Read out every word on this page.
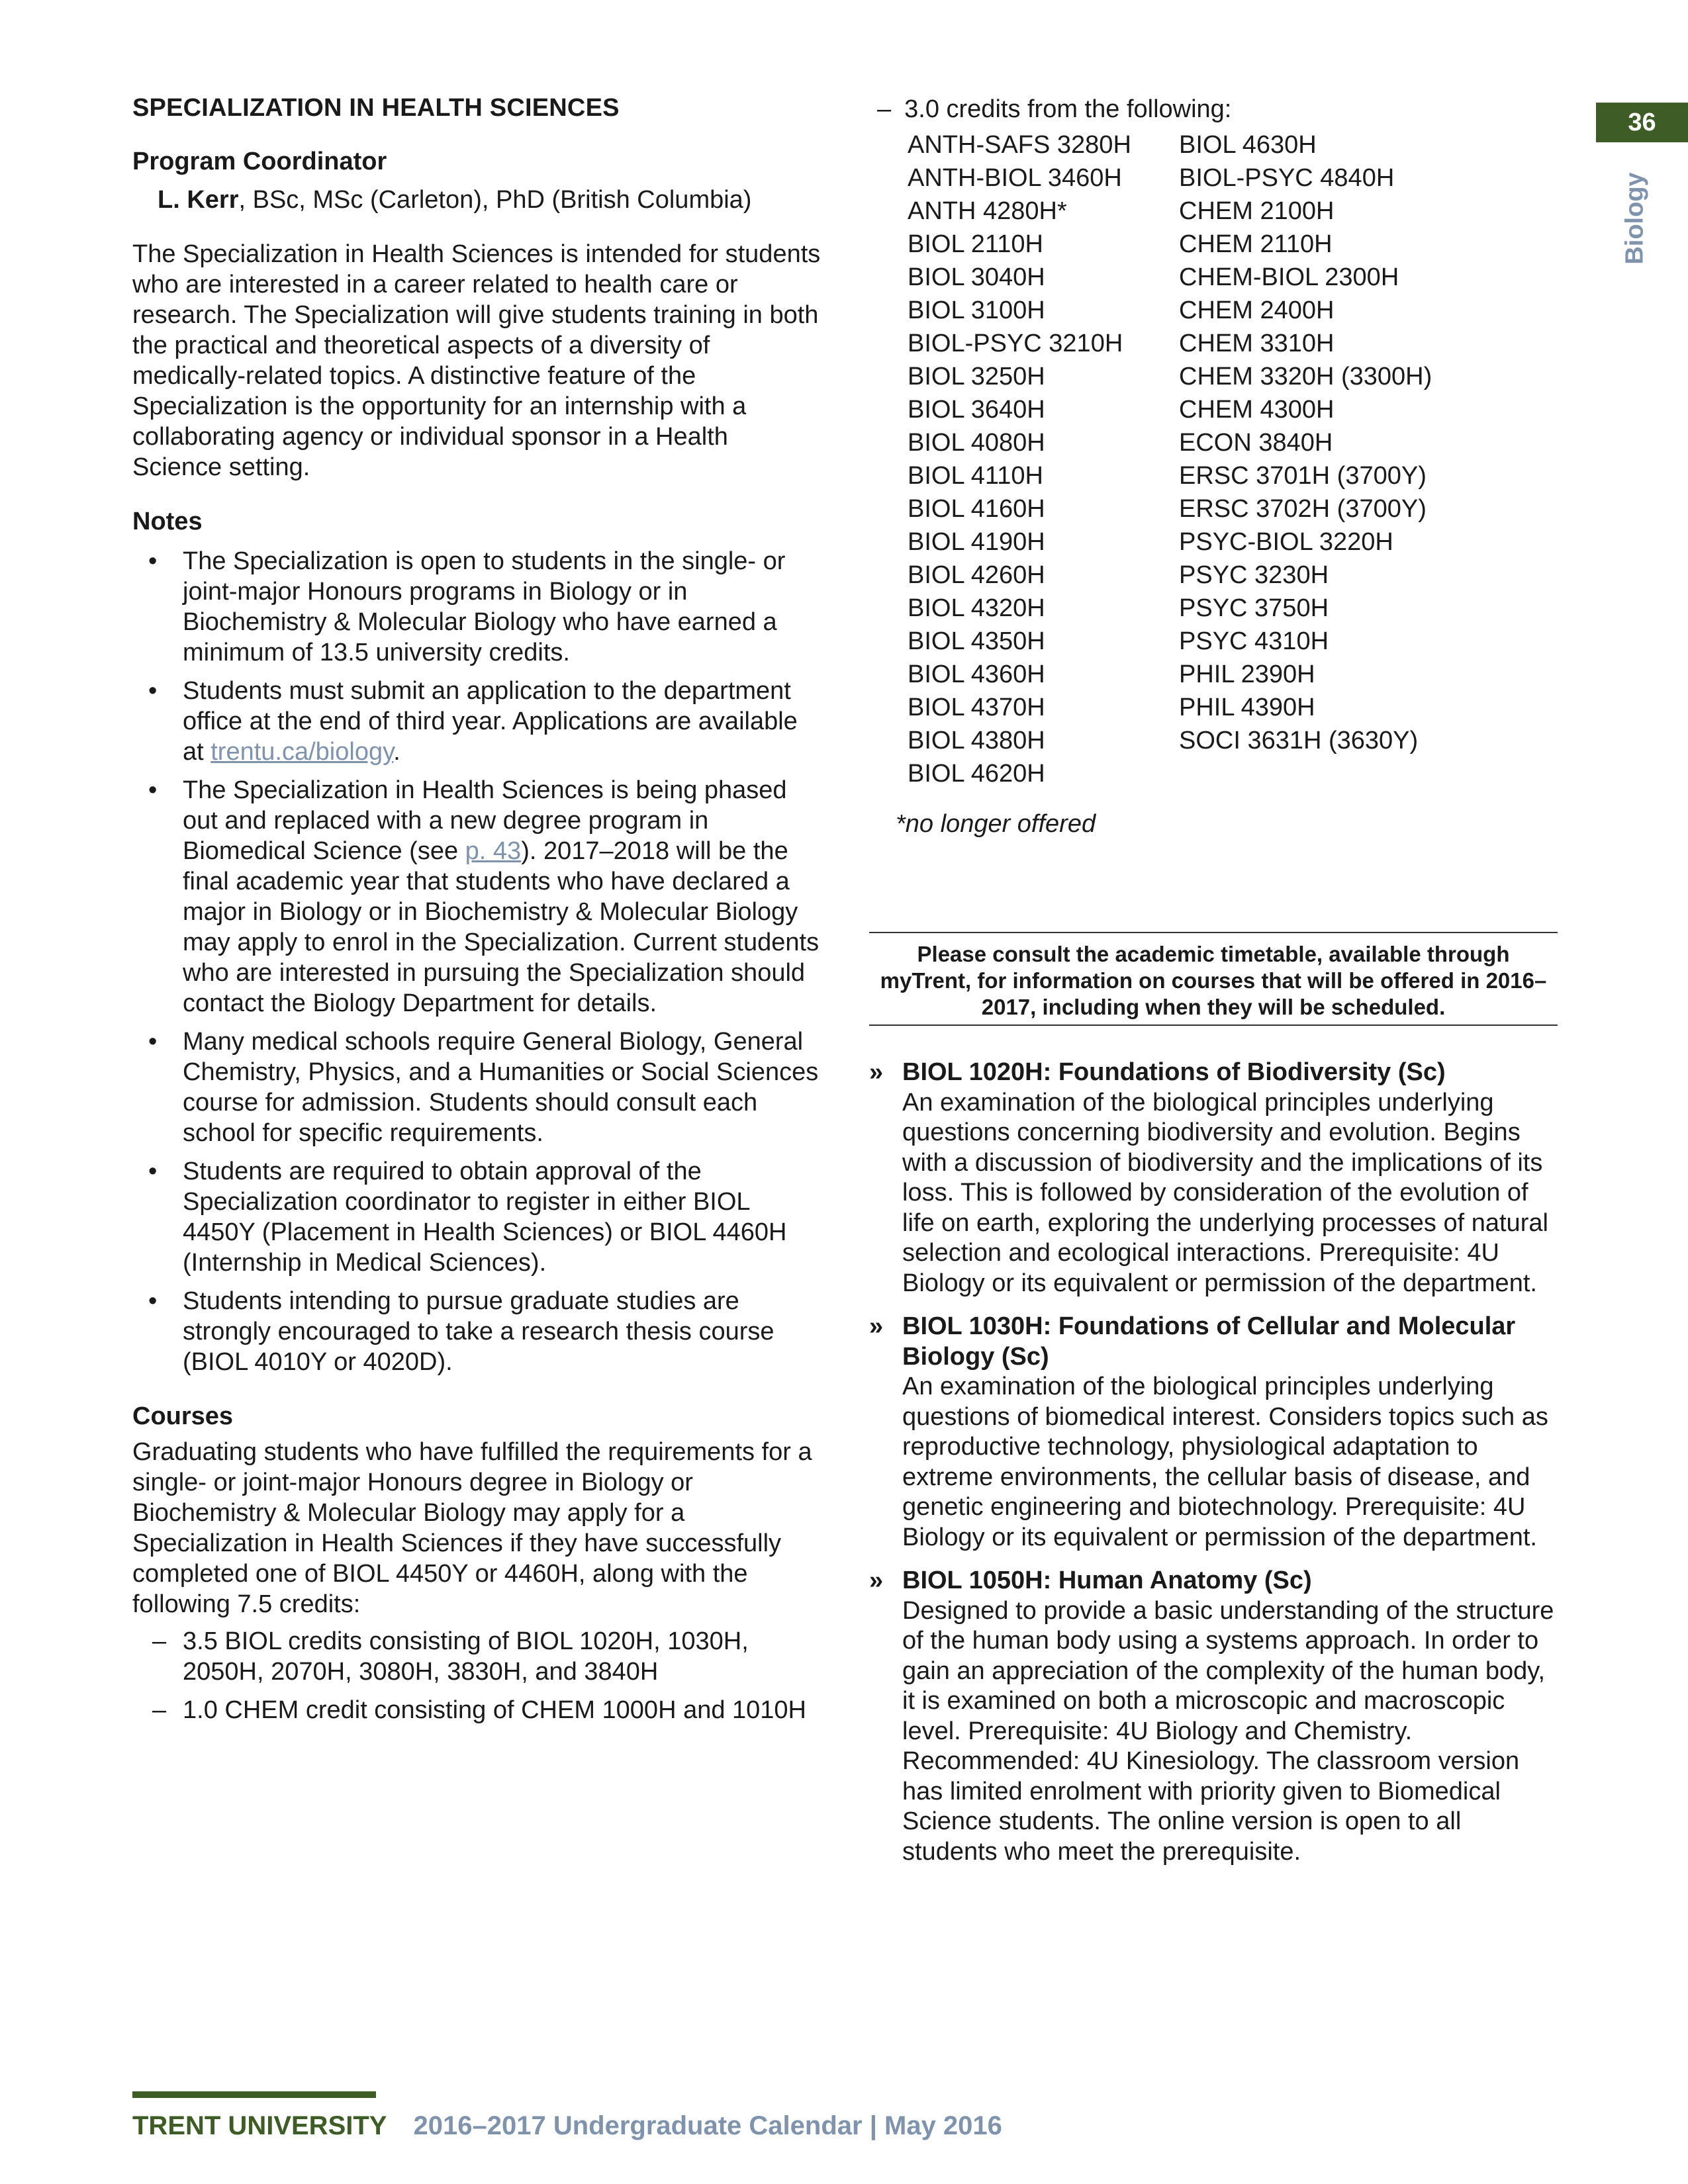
36
Biology
SPECIALIZATION IN HEALTH SCIENCES
Program Coordinator
L. Kerr, BSc, MSc (Carleton), PhD (British Columbia)

The Specialization in Health Sciences is intended for students who are interested in a career related to health care or research. The Specialization will give students training in both the practical and theoretical aspects of a diversity of medically-related topics. A distinctive feature of the Specialization is the opportunity for an internship with a collaborating agency or individual sponsor in a Health Science setting.

Notes
• The Specialization is open to students in the single- or joint-major Honours programs in Biology or in Biochemistry & Molecular Biology who have earned a minimum of 13.5 university credits.
• Students must submit an application to the department office at the end of third year. Applications are available at trentu.ca/biology.
• The Specialization in Health Sciences is being phased out and replaced with a new degree program in Biomedical Science (see p. 43). 2017–2018 will be the final academic year that students who have declared a major in Biology or in Biochemistry & Molecular Biology may apply to enrol in the Specialization. Current students who are interested in pursuing the Specialization should contact the Biology Department for details.
• Many medical schools require General Biology, General Chemistry, Physics, and a Humanities or Social Sciences course for admission. Students should consult each school for specific requirements.
• Students are required to obtain approval of the Specialization coordinator to register in either BIOL 4450Y (Placement in Health Sciences) or BIOL 4460H (Internship in Medical Sciences).
• Students intending to pursue graduate studies are strongly encouraged to take a research thesis course (BIOL 4010Y or 4020D).
Courses

Graduating students who have fulfilled the requirements for a single- or joint-major Honours degree in Biology or Biochemistry & Molecular Biology may apply for a Specialization in Health Sciences if they have successfully completed one of BIOL 4450Y or 4460H, along with the following 7.5 credits:

– 3.5 BIOL credits consisting of BIOL 1020H, 1030H, 2050H, 2070H, 3080H, 3830H, and 3840H
– 1.0 CHEM credit consisting of CHEM 1000H and 1010H
– 3.0 credits from the following:
ANTH-SAFS 3280H
ANTH-BIOL 3460H
ANTH 4280H*
BIOL 2110H
BIOL 3040H
BIOL 3100H
BIOL-PSYC 3210H
BIOL 3250H
BIOL 3640H
BIOL 4080H
BIOL 4110H
BIOL 4160H
BIOL 4190H
BIOL 4260H
BIOL 4320H
BIOL 4350H
BIOL 4360H
BIOL 4370H
BIOL 4380H
BIOL 4620H
BIOL 4630H
BIOL-PSYC 4840H
CHEM 2100H
CHEM 2110H
CHEM-BIOL 2300H
CHEM 2400H
CHEM 3310H
CHEM 3320H (3300H)
CHEM 4300H
ECON 3840H
ERSC 3701H (3700Y)
ERSC 3702H (3700Y)
PSYC-BIOL 3220H
PSYC 3230H
PSYC 3750H
PSYC 4310H
PHIL 2390H
PHIL 4390H
SOCI 3631H (3630Y)
*no longer offered
Please consult the academic timetable, available through myTrent, for information on courses that will be offered in 2016–2017, including when they will be scheduled.
» BIOL 1020H: Foundations of Biodiversity (Sc)
An examination of the biological principles underlying questions concerning biodiversity and evolution. Begins with a discussion of biodiversity and the implications of its loss. This is followed by consideration of the evolution of life on earth, exploring the underlying processes of natural selection and ecological interactions. Prerequisite: 4U Biology or its equivalent or permission of the department.
» BIOL 1030H: Foundations of Cellular and Molecular Biology (Sc)
An examination of the biological principles underlying questions of biomedical interest. Considers topics such as reproductive technology, physiological adaptation to extreme environments, the cellular basis of disease, and genetic engineering and biotechnology. Prerequisite: 4U Biology or its equivalent or permission of the department.
» BIOL 1050H: Human Anatomy (Sc)
Designed to provide a basic understanding of the structure of the human body using a systems approach. In order to gain an appreciation of the complexity of the human body, it is examined on both a microscopic and macroscopic level. Prerequisite: 4U Biology and Chemistry. Recommended: 4U Kinesiology. The classroom version has limited enrolment with priority given to Biomedical Science students. The online version is open to all students who meet the prerequisite.
TRENT UNIVERSITY 2016–2017 Undergraduate Calendar | May 2016
